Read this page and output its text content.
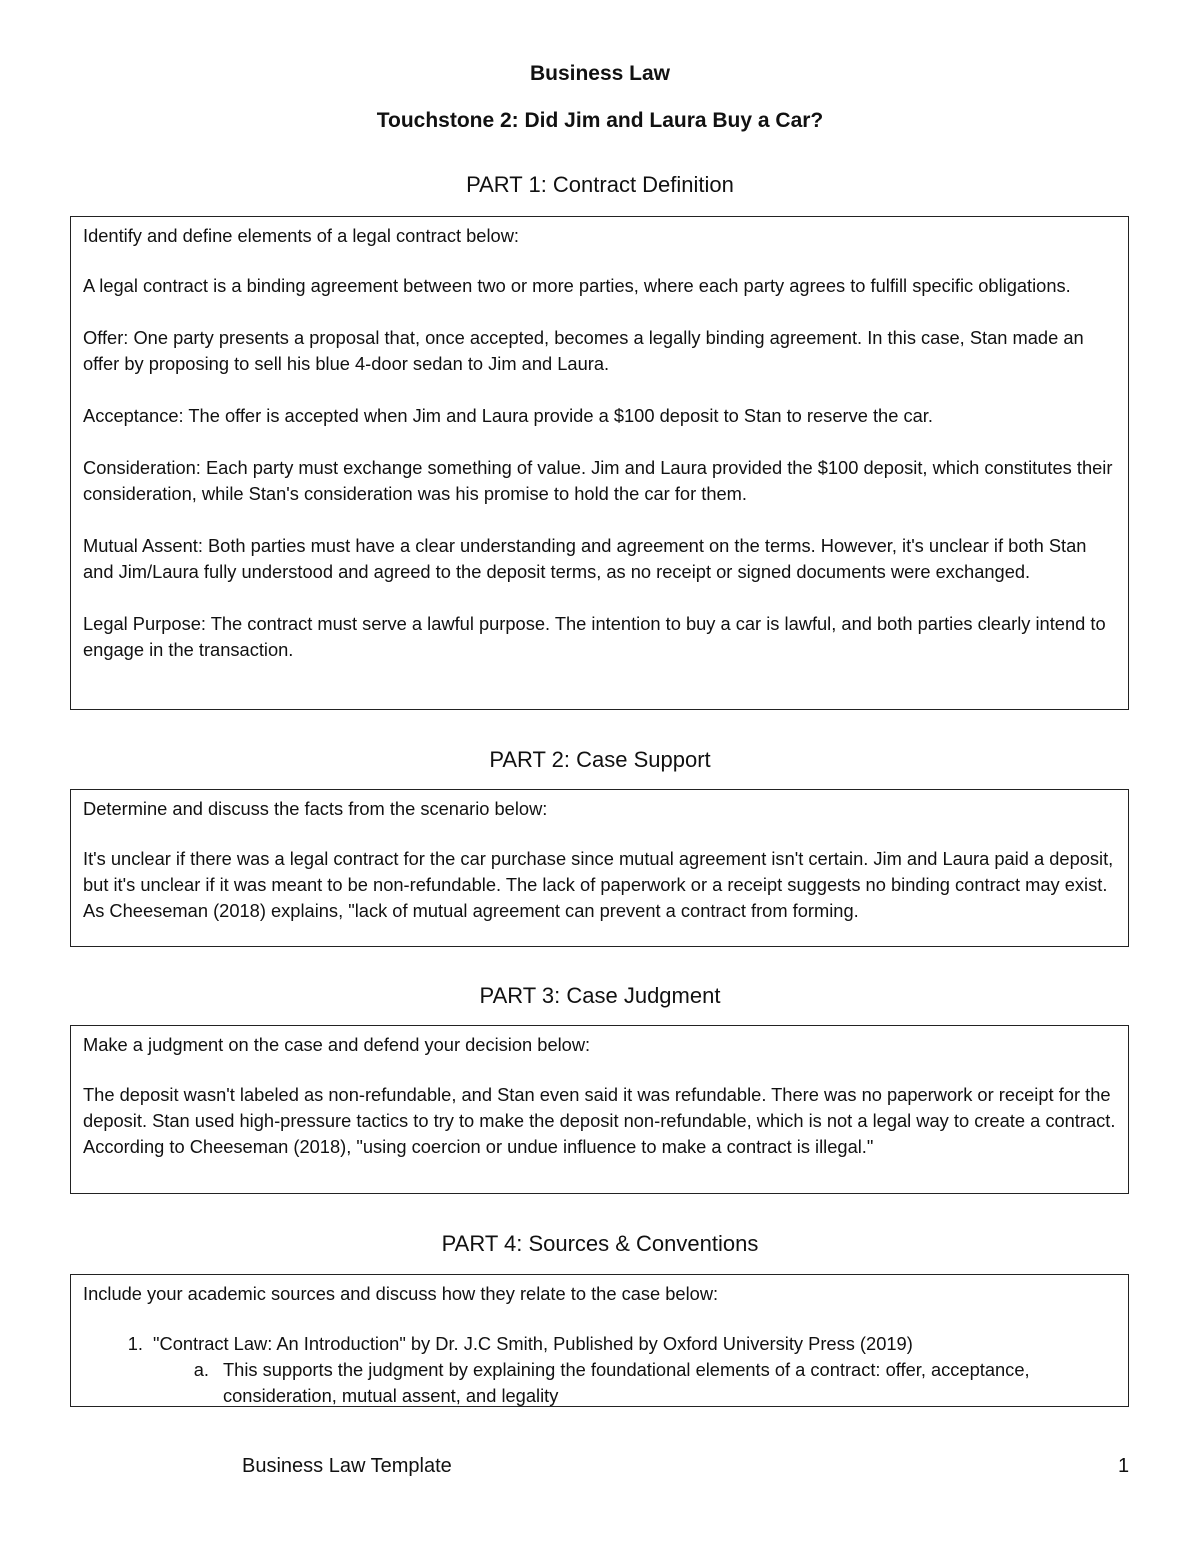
Business Law
Touchstone 2: Did Jim and Laura Buy a Car?
PART 1: Contract Definition

Identify and define elements of a legal contract below:

A legal contract is a binding agreement between two or more parties, where each party agrees to fulfill specific obligations.

Offer: One party presents a proposal that, once accepted, becomes a legally binding agreement. In this case, Stan made an offer by proposing to sell his blue 4-door sedan to Jim and Laura.

Acceptance: The offer is accepted when Jim and Laura provide a $100 deposit to Stan to reserve the car.

Consideration: Each party must exchange something of value. Jim and Laura provided the $100 deposit, which constitutes their consideration, while Stan's consideration was his promise to hold the car for them.

Mutual Assent: Both parties must have a clear understanding and agreement on the terms. However, it's unclear if both Stan and Jim/Laura fully understood and agreed to the deposit terms, as no receipt or signed documents were exchanged.

Legal Purpose: The contract must serve a lawful purpose. The intention to buy a car is lawful, and both parties clearly intend to engage in the transaction.

PART 2: Case Support

Determine and discuss the facts from the scenario below:

It's unclear if there was a legal contract for the car purchase since mutual agreement isn't certain. Jim and Laura paid a deposit, but it's unclear if it was meant to be non-refundable. The lack of paperwork or a receipt suggests no binding contract may exist. As Cheeseman (2018) explains, "lack of mutual agreement can prevent a contract from forming.

PART 3: Case Judgment

Make a judgment on the case and defend your decision below:

The deposit wasn't labeled as non-refundable, and Stan even said it was refundable. There was no paperwork or receipt for the deposit. Stan used high-pressure tactics to try to make the deposit non-refundable, which is not a legal way to create a contract. According to Cheeseman (2018), "using coercion or undue influence to make a contract is illegal."

PART 4: Sources & Conventions

Include your academic sources and discuss how they relate to the case below:

1. "Contract Law: An Introduction" by Dr. J.C Smith, Published by Oxford University Press (2019)
a. This supports the judgment by explaining the foundational elements of a contract: offer, acceptance, consideration, mutual assent, and legality
Business Law Template	1
